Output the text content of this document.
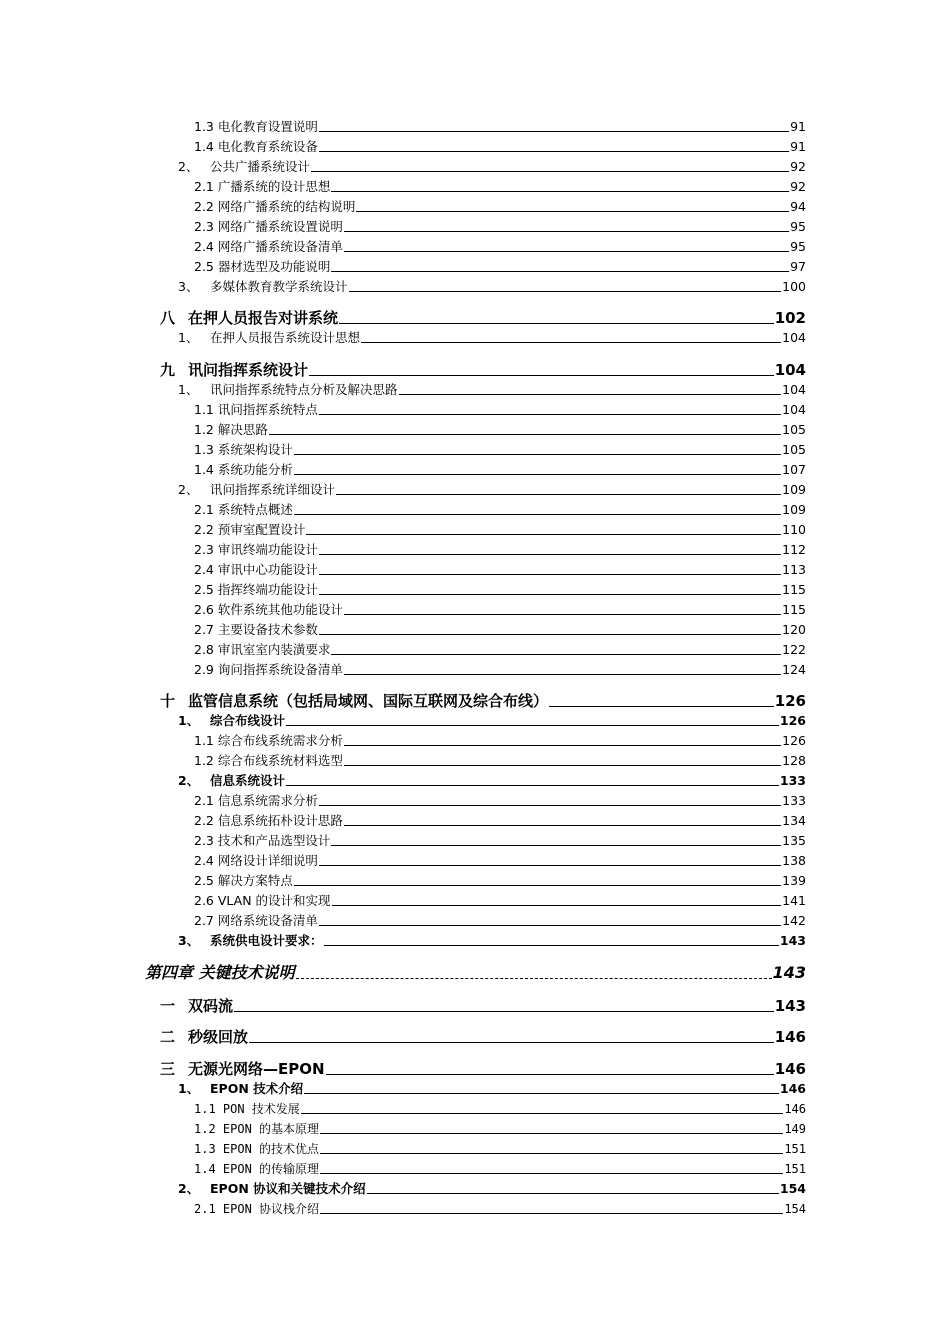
1.3 电化教育设置说明	91
1.4 电化教育系统设备	91
2、 公共广播系统设计	92
2.1 广播系统的设计思想	92
2.2 网络广播系统的结构说明	94
2.3 网络广播系统设置说明	95
2.4 网络广播系统设备清单	95
2.5 器材选型及功能说明	97
3、 多媒体教育教学系统设计	100
八 在押人员报告对讲系统	102
1、 在押人员报告系统设计思想	104
九 讯问指挥系统设计	104
1、 讯问指挥系统特点分析及解决思路	104
1.1 讯问指挥系统特点	104
1.2 解决思路	105
1.3 系统架构设计	105
1.4 系统功能分析	107
2、 讯问指挥系统详细设计	109
2.1 系统特点概述	109
2.2 预审室配置设计	110
2.3 审讯终端功能设计	112
2.4 审讯中心功能设计	113
2.5 指挥终端功能设计	115
2.6 软件系统其他功能设计	115
2.7 主要设备技术参数	120
2.8 审讯室室内装潢要求	122
2.9 询问指挥系统设备清单	124
十 监管信息系统（包括局域网、国际互联网及综合布线）	126
1、 综合布线设计	126
1.1 综合布线系统需求分析	126
1.2 综合布线系统材料选型	128
2、 信息系统设计	133
2.1 信息系统需求分析	133
2.2 信息系统拓朴设计思路	134
2.3 技术和产品选型设计	135
2.4 网络设计详细说明	138
2.5 解决方案特点	139
2.6 VLAN 的设计和实现	141
2.7 网络系统设备清单	142
3、 系统供电设计要求：	143
第四章 关键技术说明	143
一 双码流	143
二 秒级回放	146
三 无源光网络—EPON	146
1、 EPON 技术介绍	146
1.1 PON 技术发展	146
1.2 EPON 的基本原理	149
1.3 EPON 的技术优点	151
1.4 EPON 的传输原理	151
2、 EPON 协议和关键技术介绍	154
2.1 EPON 协议栈介绍	154
